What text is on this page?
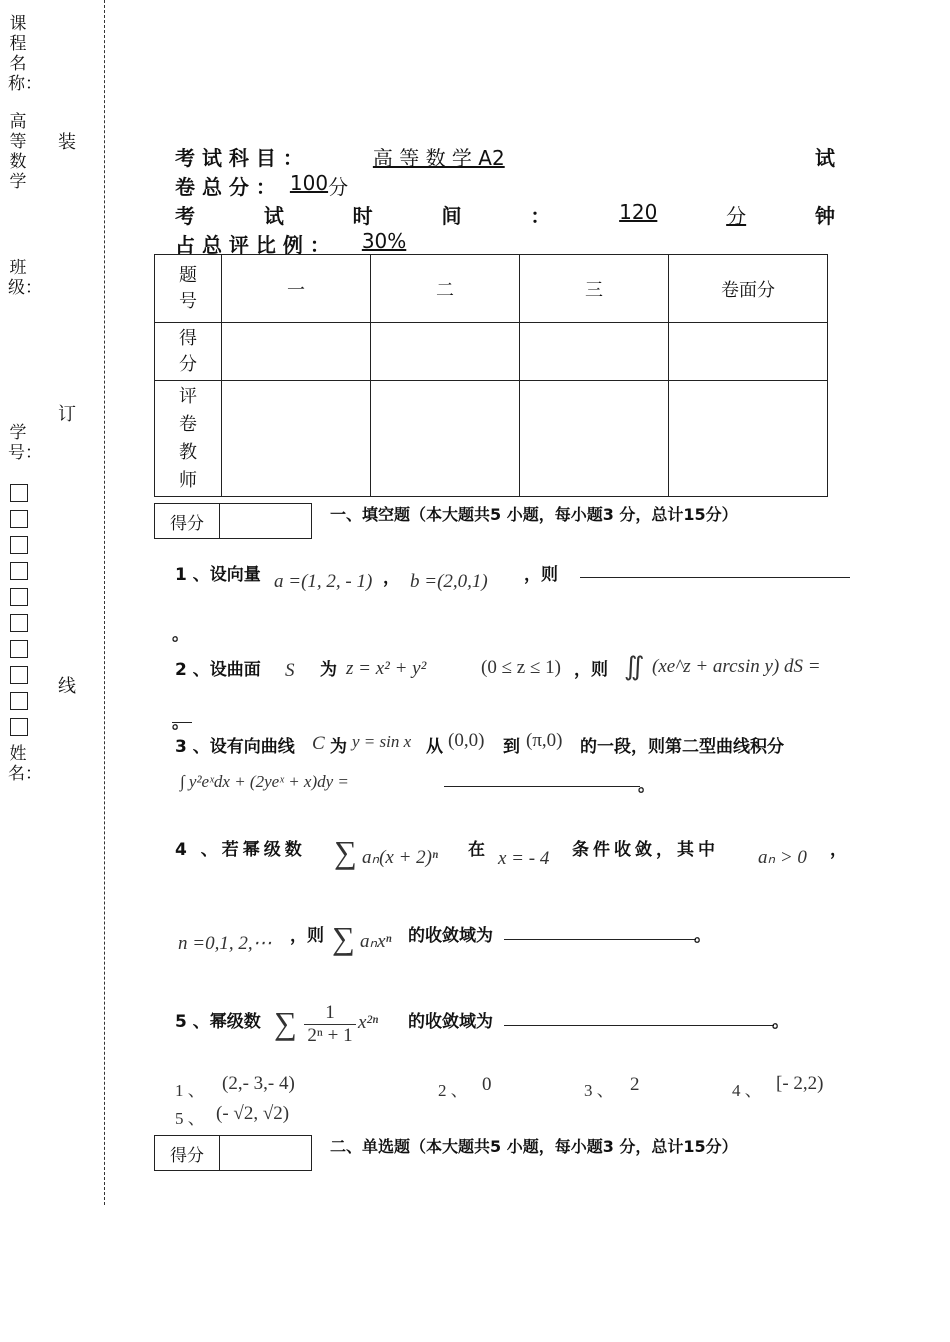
课程名称：
高等数学
班级：
学号：
姓名：
装
订
线
考 试 科 目 ：	高 等 数 学 A2	试
卷 总 分 ： 100 分
考	试	时	间	：	120	分	钟
占 总 评 比 例 ：	30%
题号	一	二	三	卷面分

得分				

评卷教师				

得分	一、填空题（本大题共5 小题，每小题3 分，总计15分）
1 、设向量 a =(1, 2, - 1) ， b =(2,0,1) ，则
。
2 、设曲面 S 为 z = x² + y²	(0 ≤ z ≤ 1) ，则 ∬ (xe^z + arcsin y) dS =
。
3 、设有向曲线 C 为 y = sin x 从 (0,0) 到 (π,0) 的一段，则第二型曲线积分
∫ y²eˣdx + (2yeˣ + x)dy =	。
4 、若幂级数 ∑ aₙ(x + 2)ⁿ 在 x = - 4 条件收敛，其中 aₙ > 0 ，
n =0,1, 2,⋯ ，则 ∑ aₙxⁿ 的收敛域为	。
5 、幂级数 ∑ $\frac{1}{\text{2ⁿ + 1}} x^{2n}$ 的收敛域为	。
1 、 (2,- 3,- 4)	2 、 0	3 、 2	4 、 [- 2,2)
5 、 (- √2, √2)
得分	二、单选题（本大题共5 小题，每小题3 分，总计15分）
